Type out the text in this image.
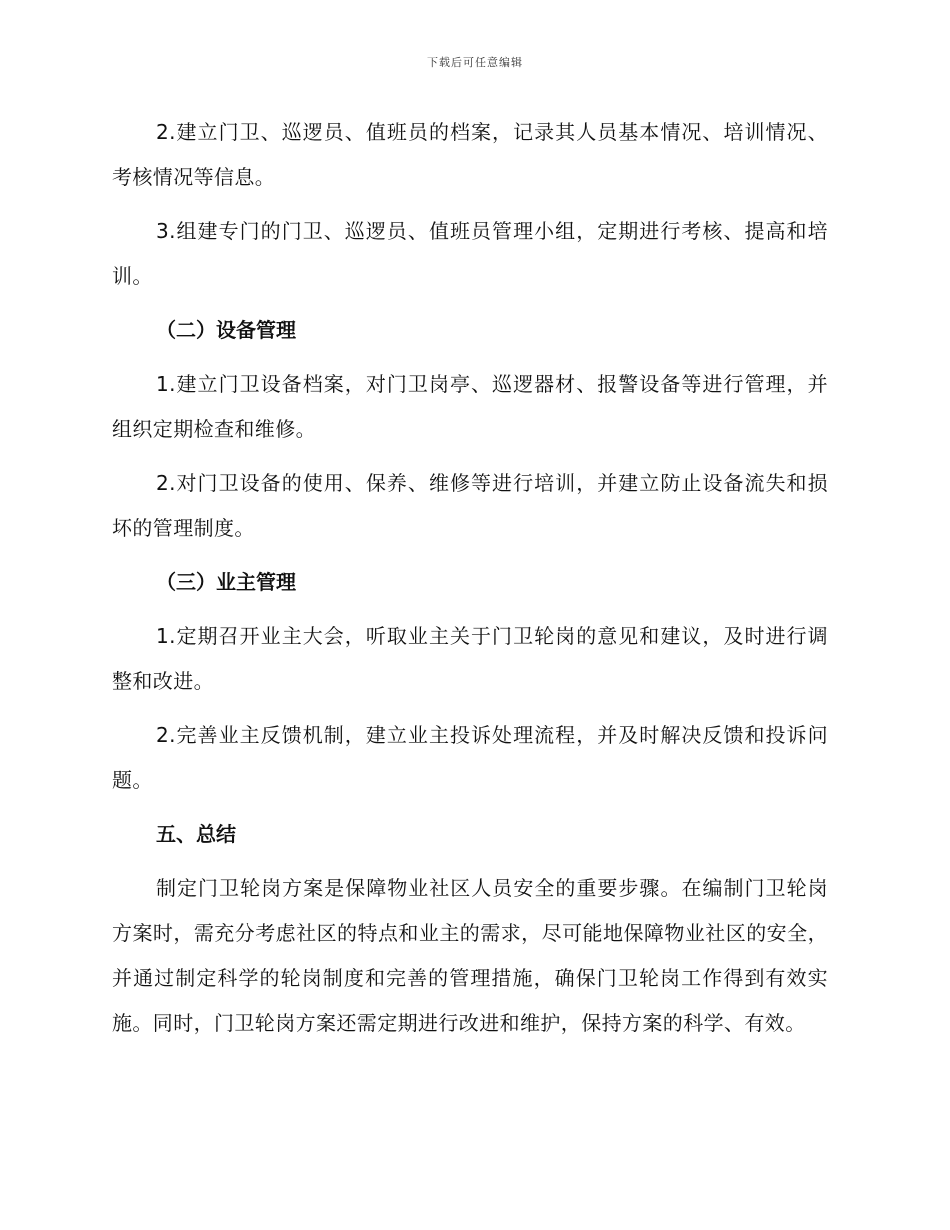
下载后可任意编辑

2.建立门卫、巡逻员、值班员的档案，记录其人员基本情况、培训情况、考核情况等信息。

3.组建专门的门卫、巡逻员、值班员管理小组，定期进行考核、提高和培训。

（二）设备管理

1.建立门卫设备档案，对门卫岗亭、巡逻器材、报警设备等进行管理，并组织定期检查和维修。

2.对门卫设备的使用、保养、维修等进行培训，并建立防止设备流失和损坏的管理制度。

（三）业主管理

1.定期召开业主大会，听取业主关于门卫轮岗的意见和建议，及时进行调整和改进。

2.完善业主反馈机制，建立业主投诉处理流程，并及时解决反馈和投诉问题。

五、总结

制定门卫轮岗方案是保障物业社区人员安全的重要步骤。在编制门卫轮岗方案时，需充分考虑社区的特点和业主的需求，尽可能地保障物业社区的安全，并通过制定科学的轮岗制度和完善的管理措施，确保门卫轮岗工作得到有效实施。同时，门卫轮岗方案还需定期进行改进和维护，保持方案的科学、有效。
